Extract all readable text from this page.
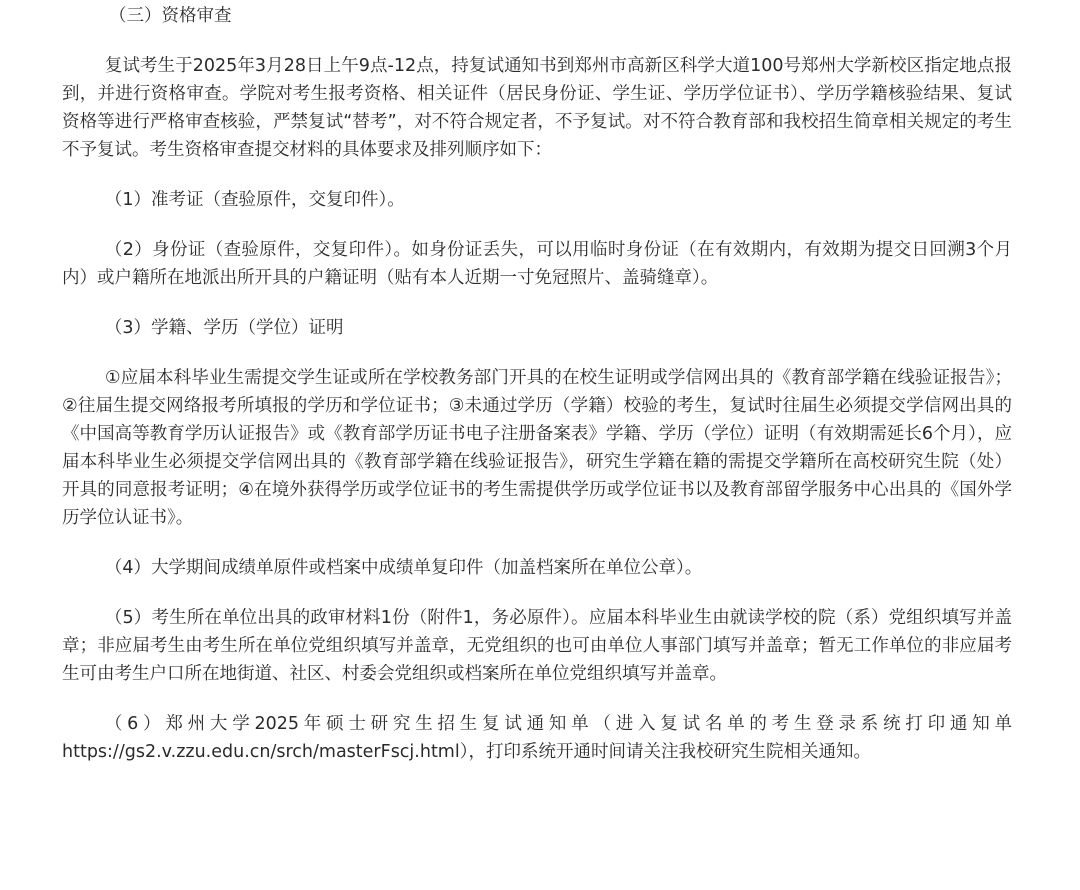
（三）资格审查

复试考生于2025年3月28日上午9点-12点，持复试通知书到郑州市高新区科学大道100号郑州大学新校区指定地点报到，并进行资格审查。学院对考生报考资格、相关证件（居民身份证、学生证、学历学位证书）、学历学籍核验结果、复试资格等进行严格审查核验，严禁复试“替考”，对不符合规定者，不予复试。对不符合教育部和我校招生简章相关规定的考生不予复试。考生资格审查提交材料的具体要求及排列顺序如下：

（1）准考证（查验原件，交复印件）。

（2）身份证（查验原件，交复印件）。如身份证丢失，可以用临时身份证（在有效期内，有效期为提交日回溯3个月内）或户籍所在地派出所开具的户籍证明（贴有本人近期一寸免冠照片、盖骑缝章）。

（3）学籍、学历（学位）证明

①应届本科毕业生需提交学生证或所在学校教务部门开具的在校生证明或学信网出具的《教育部学籍在线验证报告》；②往届生提交网络报考所填报的学历和学位证书；③未通过学历（学籍）校验的考生，复试时往届生必须提交学信网出具的《中国高等教育学历认证报告》或《教育部学历证书电子注册备案表》学籍、学历（学位）证明（有效期需延长6个月），应届本科毕业生必须提交学信网出具的《教育部学籍在线验证报告》，研究生学籍在籍的需提交学籍所在高校研究生院（处）开具的同意报考证明；④在境外获得学历或学位证书的考生需提供学历或学位证书以及教育部留学服务中心出具的《国外学历学位认证书》。

（4）大学期间成绩单原件或档案中成绩单复印件（加盖档案所在单位公章）。

（5）考生所在单位出具的政审材料1份（附件1，务必原件）。应届本科毕业生由就读学校的院（系）党组织填写并盖章；非应届考生由考生所在单位党组织填写并盖章，无党组织的也可由单位人事部门填写并盖章；暂无工作单位的非应届考生可由考生户口所在地街道、社区、村委会党组织或档案所在单位党组织填写并盖章。

（6）郑州大学2025年硕士研究生招生复试通知单（进入复试名单的考生登录系统打印通知单https://gs2.v.zzu.edu.cn/srch/masterFscj.html），打印系统开通时间请关注我校研究生院相关通知。
